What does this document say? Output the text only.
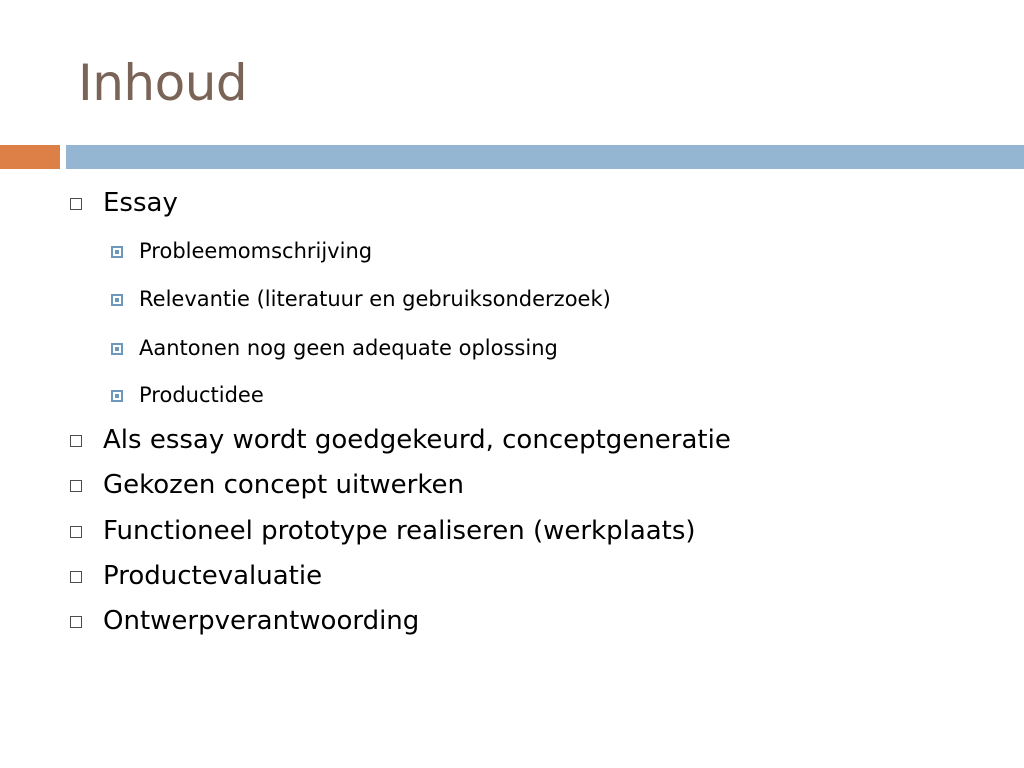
Inhoud
Essay
Probleemomschrijving
Relevantie (literatuur en gebruiksonderzoek)
Aantonen nog geen adequate oplossing
Productidee
Als essay wordt goedgekeurd, conceptgeneratie
Gekozen concept uitwerken
Functioneel prototype realiseren (werkplaats)
Productevaluatie
Ontwerpverantwoording
